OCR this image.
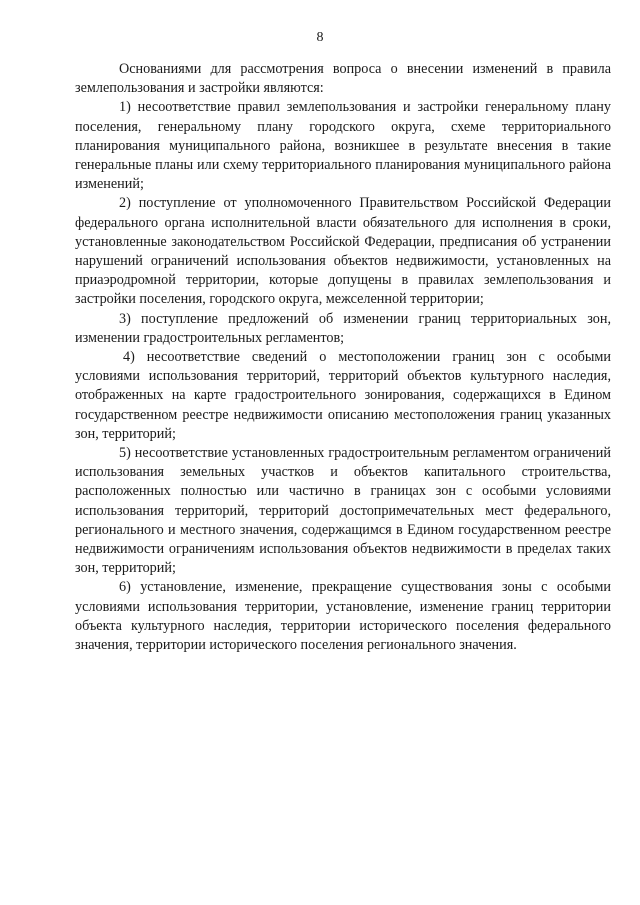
8

Основаниями для рассмотрения вопроса о внесении изменений в правила землепользования и застройки являются:

1) несоответствие правил землепользования и застройки генеральному плану поселения, генеральному плану городского округа, схеме территориального планирования муниципального района, возникшее в результате внесения в такие генеральные планы или схему территориального планирования муниципального района изменений;

2) поступление от уполномоченного Правительством Российской Федерации федерального органа исполнительной власти обязательного для исполнения в сроки, установленные законодательством Российской Федерации, предписания об устранении нарушений ограничений использования объектов недвижимости, установленных на приаэродромной территории, которые допущены в правилах землепользования и застройки поселения, городского округа, межселенной территории;

3) поступление предложений об изменении границ территориальных зон, изменении градостроительных регламентов;

4) несоответствие сведений о местоположении границ зон с особыми условиями использования территорий, территорий объектов культурного наследия, отображенных на карте градостроительного зонирования, содержащихся в Едином государственном реестре недвижимости описанию местоположения границ указанных зон, территорий;

5) несоответствие установленных градостроительным регламентом ограничений использования земельных участков и объектов капитального строительства, расположенных полностью или частично в границах зон с особыми условиями использования территорий, территорий достопримечательных мест федерального, регионального и местного значения, содержащимся в Едином государственном реестре недвижимости ограничениям использования объектов недвижимости в пределах таких зон, территорий;

6) установление, изменение, прекращение существования зоны с особыми условиями использования территории, установление, изменение границ территории объекта культурного наследия, территории исторического поселения федерального значения, территории исторического поселения регионального значения.
